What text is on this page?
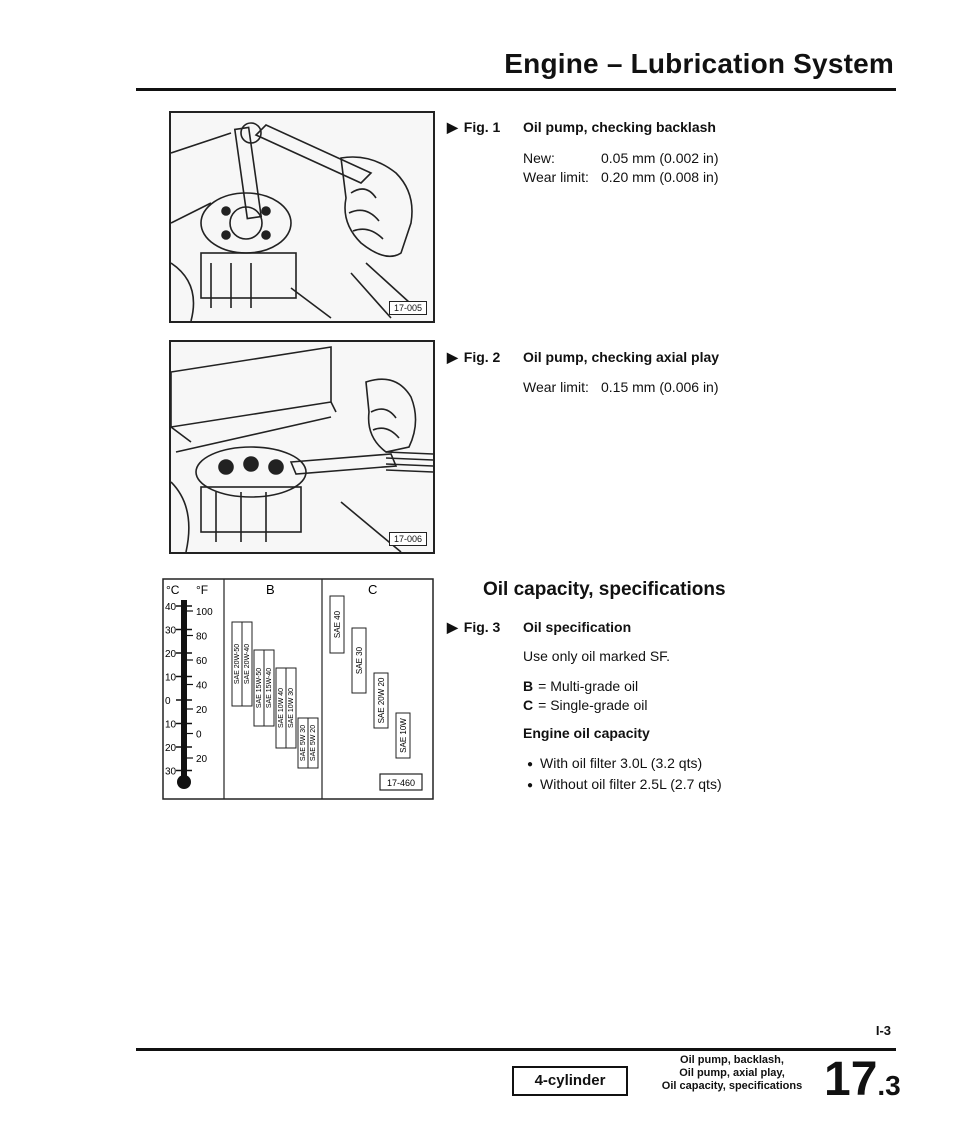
Engine – Lubrication System
17-005
▶ Fig. 1 Oil pump, checking backlash
New:	0.05 mm (0.002 in)
Wear limit: 0.20 mm (0.008 in)
17-006
▶ Fig. 2 Oil pump, checking axial play
Wear limit: 0.15 mm (0.006 in)
°C °F	B	C
40
30
20
10
0
10
20
30
100
80
60
40
20
0
20
SAE 20W-50 SAE 20W-40
SAE 15W-50 SAE 15W-40 SAE 10W 40 SAE 10W 30
SAE 5W 30 SAE 5W 20
SAE 40
SAE 30
SAE 20W 20
SAE 10W
17-460
Oil capacity, specifications
▶ Fig. 3 Oil specification
Use only oil marked SF.
B = Multi-grade oil
C = Single-grade oil
Engine oil capacity
● With oil filter 3.0L (3.2 qts)
● Without oil filter 2.5L (2.7 qts)
I-3
4-cylinder
Oil pump, backlash,
Oil pump, axial play,
Oil capacity, specifications 17.3
